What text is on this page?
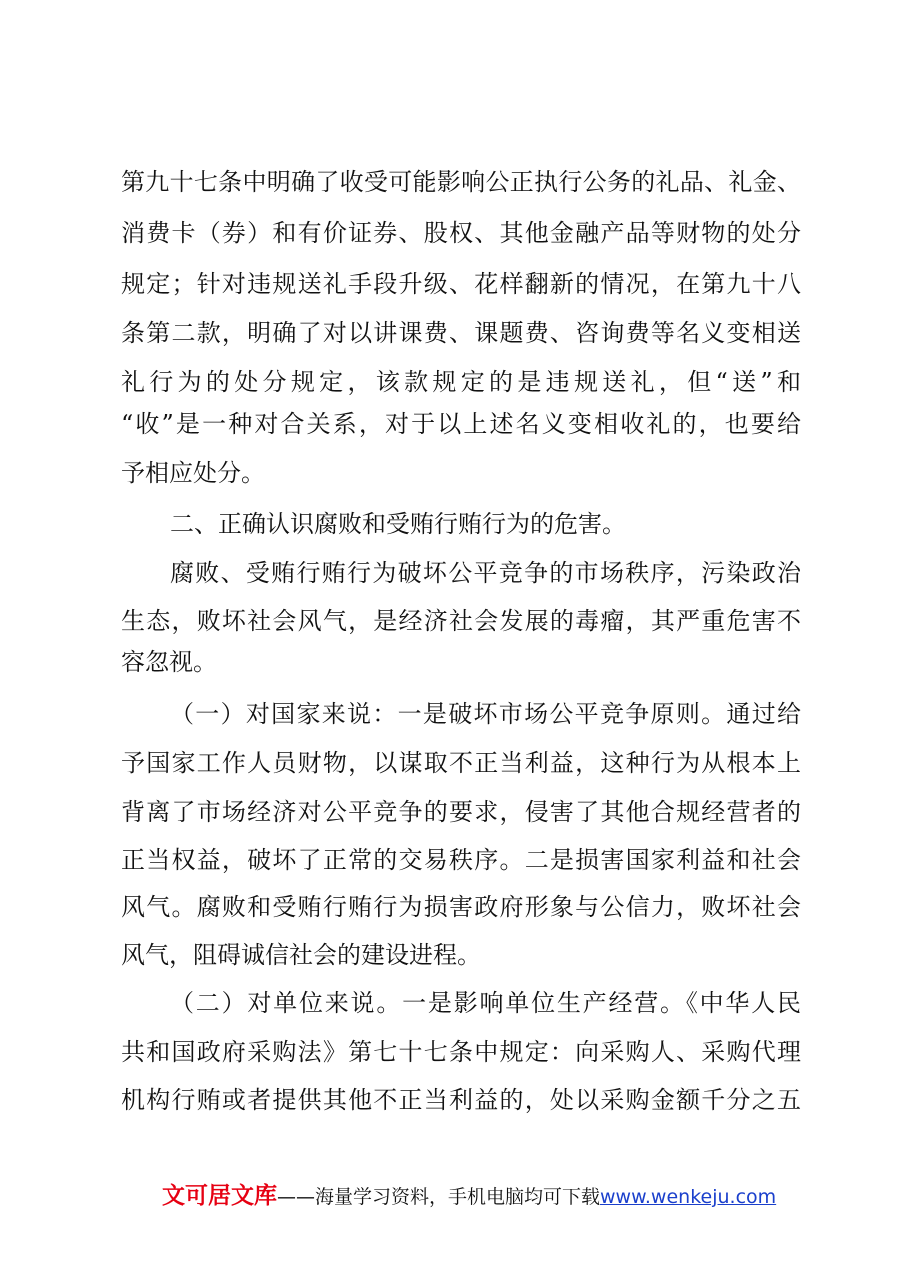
第九十七条中明确了收受可能影响公正执行公务的礼品、礼金、
消费卡（券）和有价证券、股权、其他金融产品等财物的处分
规定；针对违规送礼手段升级、花样翻新的情况，在第九十八
条第二款，明确了对以讲课费、课题费、咨询费等名义变相送
礼行为的处分规定，该款规定的是违规送礼，但“送”和
“收”是一种对合关系，对于以上述名义变相收礼的，也要给
予相应处分。
二、正确认识腐败和受贿行贿行为的危害。
腐败、受贿行贿行为破坏公平竞争的市场秩序，污染政治
生态，败坏社会风气，是经济社会发展的毒瘤，其严重危害不
容忽视。
（一）对国家来说：一是破坏市场公平竞争原则。通过给
予国家工作人员财物，以谋取不正当利益，这种行为从根本上
背离了市场经济对公平竞争的要求，侵害了其他合规经营者的
正当权益，破坏了正常的交易秩序。二是损害国家利益和社会
风气。腐败和受贿行贿行为损害政府形象与公信力，败坏社会
风气，阻碍诚信社会的建设进程。
（二）对单位来说。一是影响单位生产经营。《中华人民
共和国政府采购法》第七十七条中规定：向采购人、采购代理
机构行贿或者提供其他不正当利益的，处以采购金额千分之五
文可居文库——海量学习资料，手机电脑均可下载www.wenkeju.com
